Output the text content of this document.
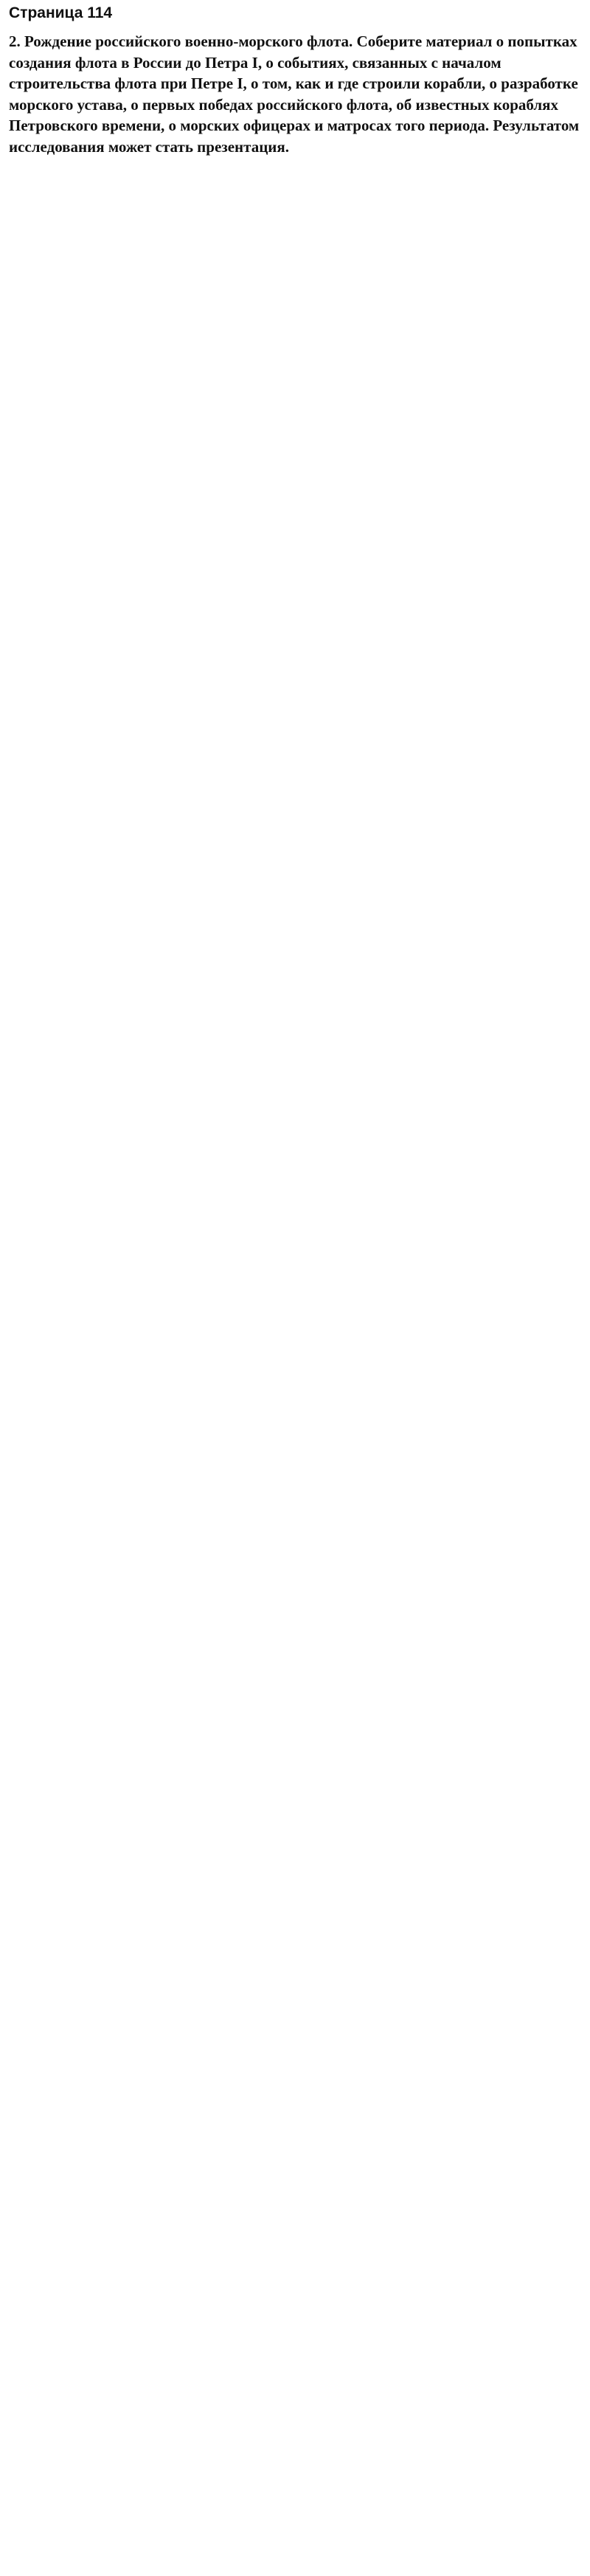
Страница 114

2. Рождение российского военно-морского флота. Соберите материал о попытках создания флота в России до Петра I, о событиях, связанных с началом строительства флота при Петре I, о том, как и где строили корабли, о разработке морского устава, о первых победах российского флота, об известных кораблях Петровского времени, о морских офицерах и матросах того периода. Результатом исследования может стать презентация.
